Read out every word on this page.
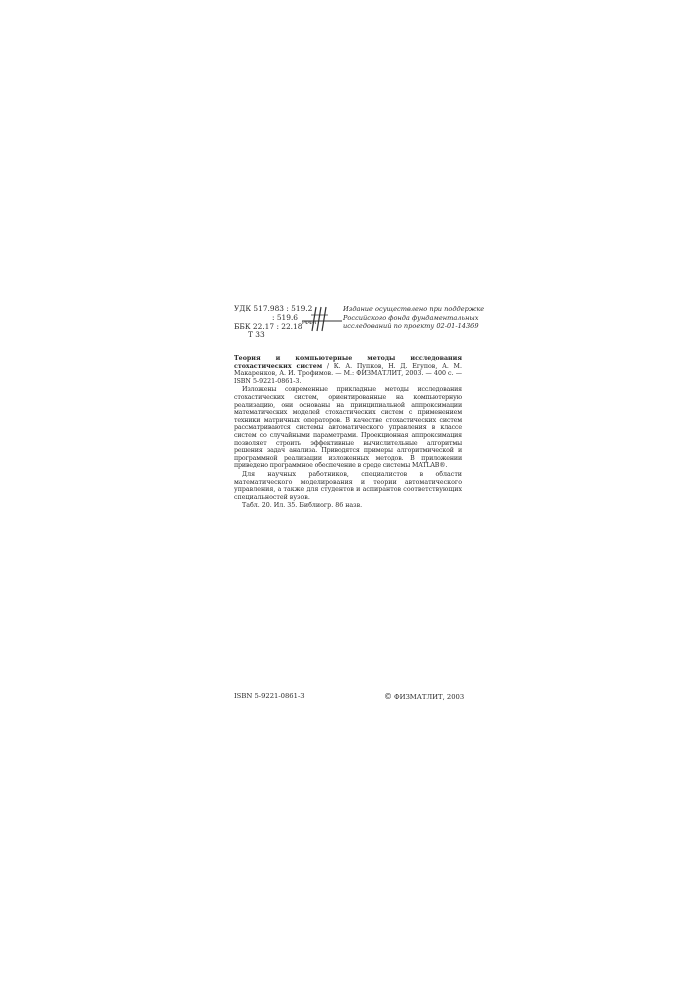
УДК 517.983 : 519.2

: 519.6
ББК 22.17 : 22.18

Т 33
РФФИ
Издание осуществлено при поддержке
Российского фонда фундаментальных
исследований по проекту 02-01-14369

Теория и компьютерные методы исследования стохастических систем / К. А. Пупков, Н. Д. Егупов, А. М. Макаренков, А. И. Трофимов. — М.: ФИЗМАТЛИТ, 2003. — 400 с. — ISBN 5-9221-0861-3.

Изложены современные прикладные методы исследования стохастических систем, ориентированные на компьютерную реализацию, они основаны на принципиальной аппроксимации математических моделей стохастических систем с применением техники матричных операторов. В качестве стохастических систем рассматриваются системы автоматического управления в классе систем со случайными параметрами. Проекционная аппроксимация позволяет строить эффективные вычислительные алгоритмы решения задач анализа. Приводятся примеры алгоритмической и программной реализации изложенных методов. В приложении приведено программное обеспечение в среде системы MATLAB®.

Для научных работников, специалистов в области математического моделирования и теории автоматического управления, а также для студентов и аспирантов соответствующих специальностей вузов.

Табл. 20. Ил. 35. Библиогр. 86 назв.

ISBN 5-9221-0861-3	© ФИЗМАТЛИТ, 2003
